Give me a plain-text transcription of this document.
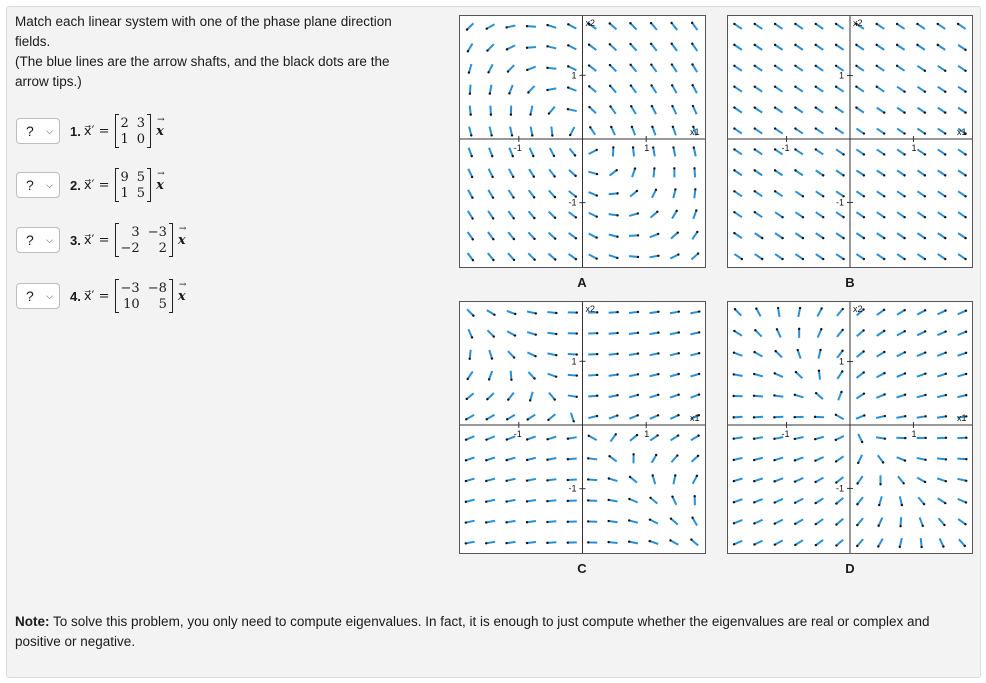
Match each linear system with one of the phase plane direction fields.

(The blue lines are the arrow shafts, and the black dots are the arrow tips.)

? ⌵ 1. x⃗′ =
2 3
1 0
→ x
? ⌵ 2. x⃗′ =
9 5
1 5
→ x
? ⌵ 3. x⃗′ =
3 −3
−2	2
→ x
? ⌵ 4. x⃗′ =
−3 −8
10	5
→ x
x1
x2
1
-1
1
-1
A
x1
x2
1
-1
1
-1
B
x1
x2
1
-1
1
-1
C
x1
x2
1
-1
1
-1
D
Note: To solve this problem, you only need to compute eigenvalues. In fact, it is enough to just compute whether the eigenvalues are real or complex and positive or negative.
